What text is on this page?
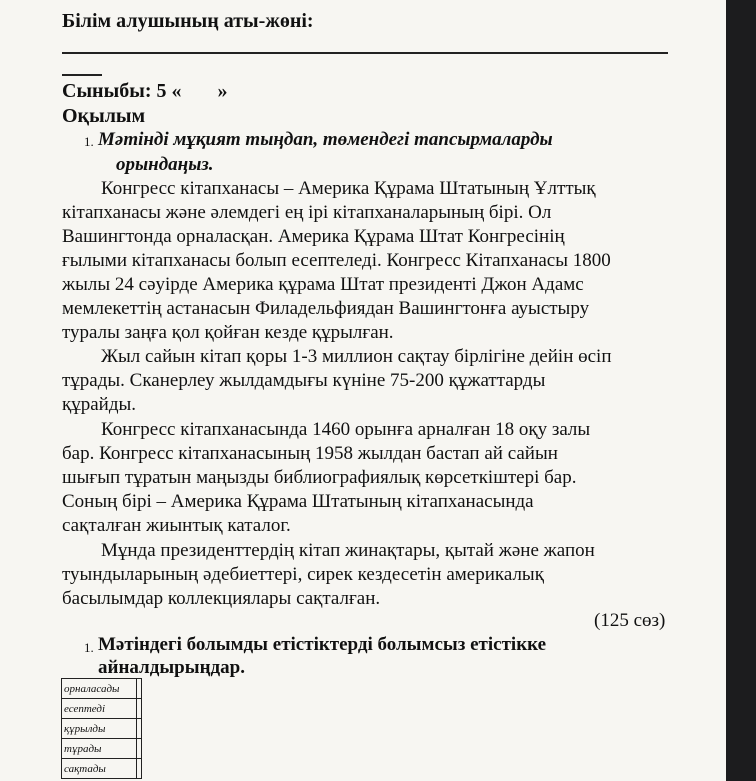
Білім алушының аты-жөні:
Сыныбы: 5 « »
Оқылым
1. Мәтінді мұқият тыңдап, төмендегі тапсырмаларды
орындаңыз.
Конгресс кітапханасы – Америка Құрама Штатының Ұлттық
кітапханасы және әлемдегі ең ірі кітапханаларының бірі. Ол
Вашингтонда орналасқан. Америка Құрама Штат Конгресінің
ғылыми кітапханасы болып есептеледі. Конгресс Кітапханасы 1800
жылы 24 сәуірде Америка құрама Штат президенті Джон Адамс
мемлекеттің астанасын Филадельфиядан Вашингтонға ауыстыру
туралы заңға қол қойған кезде құрылған.
Жыл сайын кітап қоры 1-3 миллион сақтау бірлігіне дейін өсіп
тұрады. Сканерлеу жылдамдығы күніне 75-200 құжаттарды
құрайды.
Конгресс кітапханасында 1460 орынға арналған 18 оқу залы
бар. Конгресс кітапханасының 1958 жылдан бастап ай сайын
шығып тұратын маңызды библиографиялық көрсеткіштері бар.
Соның бірі – Америка Құрама Штатының кітапханасында
сақталған жиынтық каталог.
Мұнда президенттердің кітап жинақтары, қытай және жапон
туындыларының әдебиеттері, сирек кездесетін америкалық
басылымдар коллекциялары сақталған.
(125 сөз)
1. Мәтіндегі болымды етістіктерді болымсыз етістікке
айналдырыңдар.
орналасады	
есептеді	
құрылды	
тұрады	
сақтады	
